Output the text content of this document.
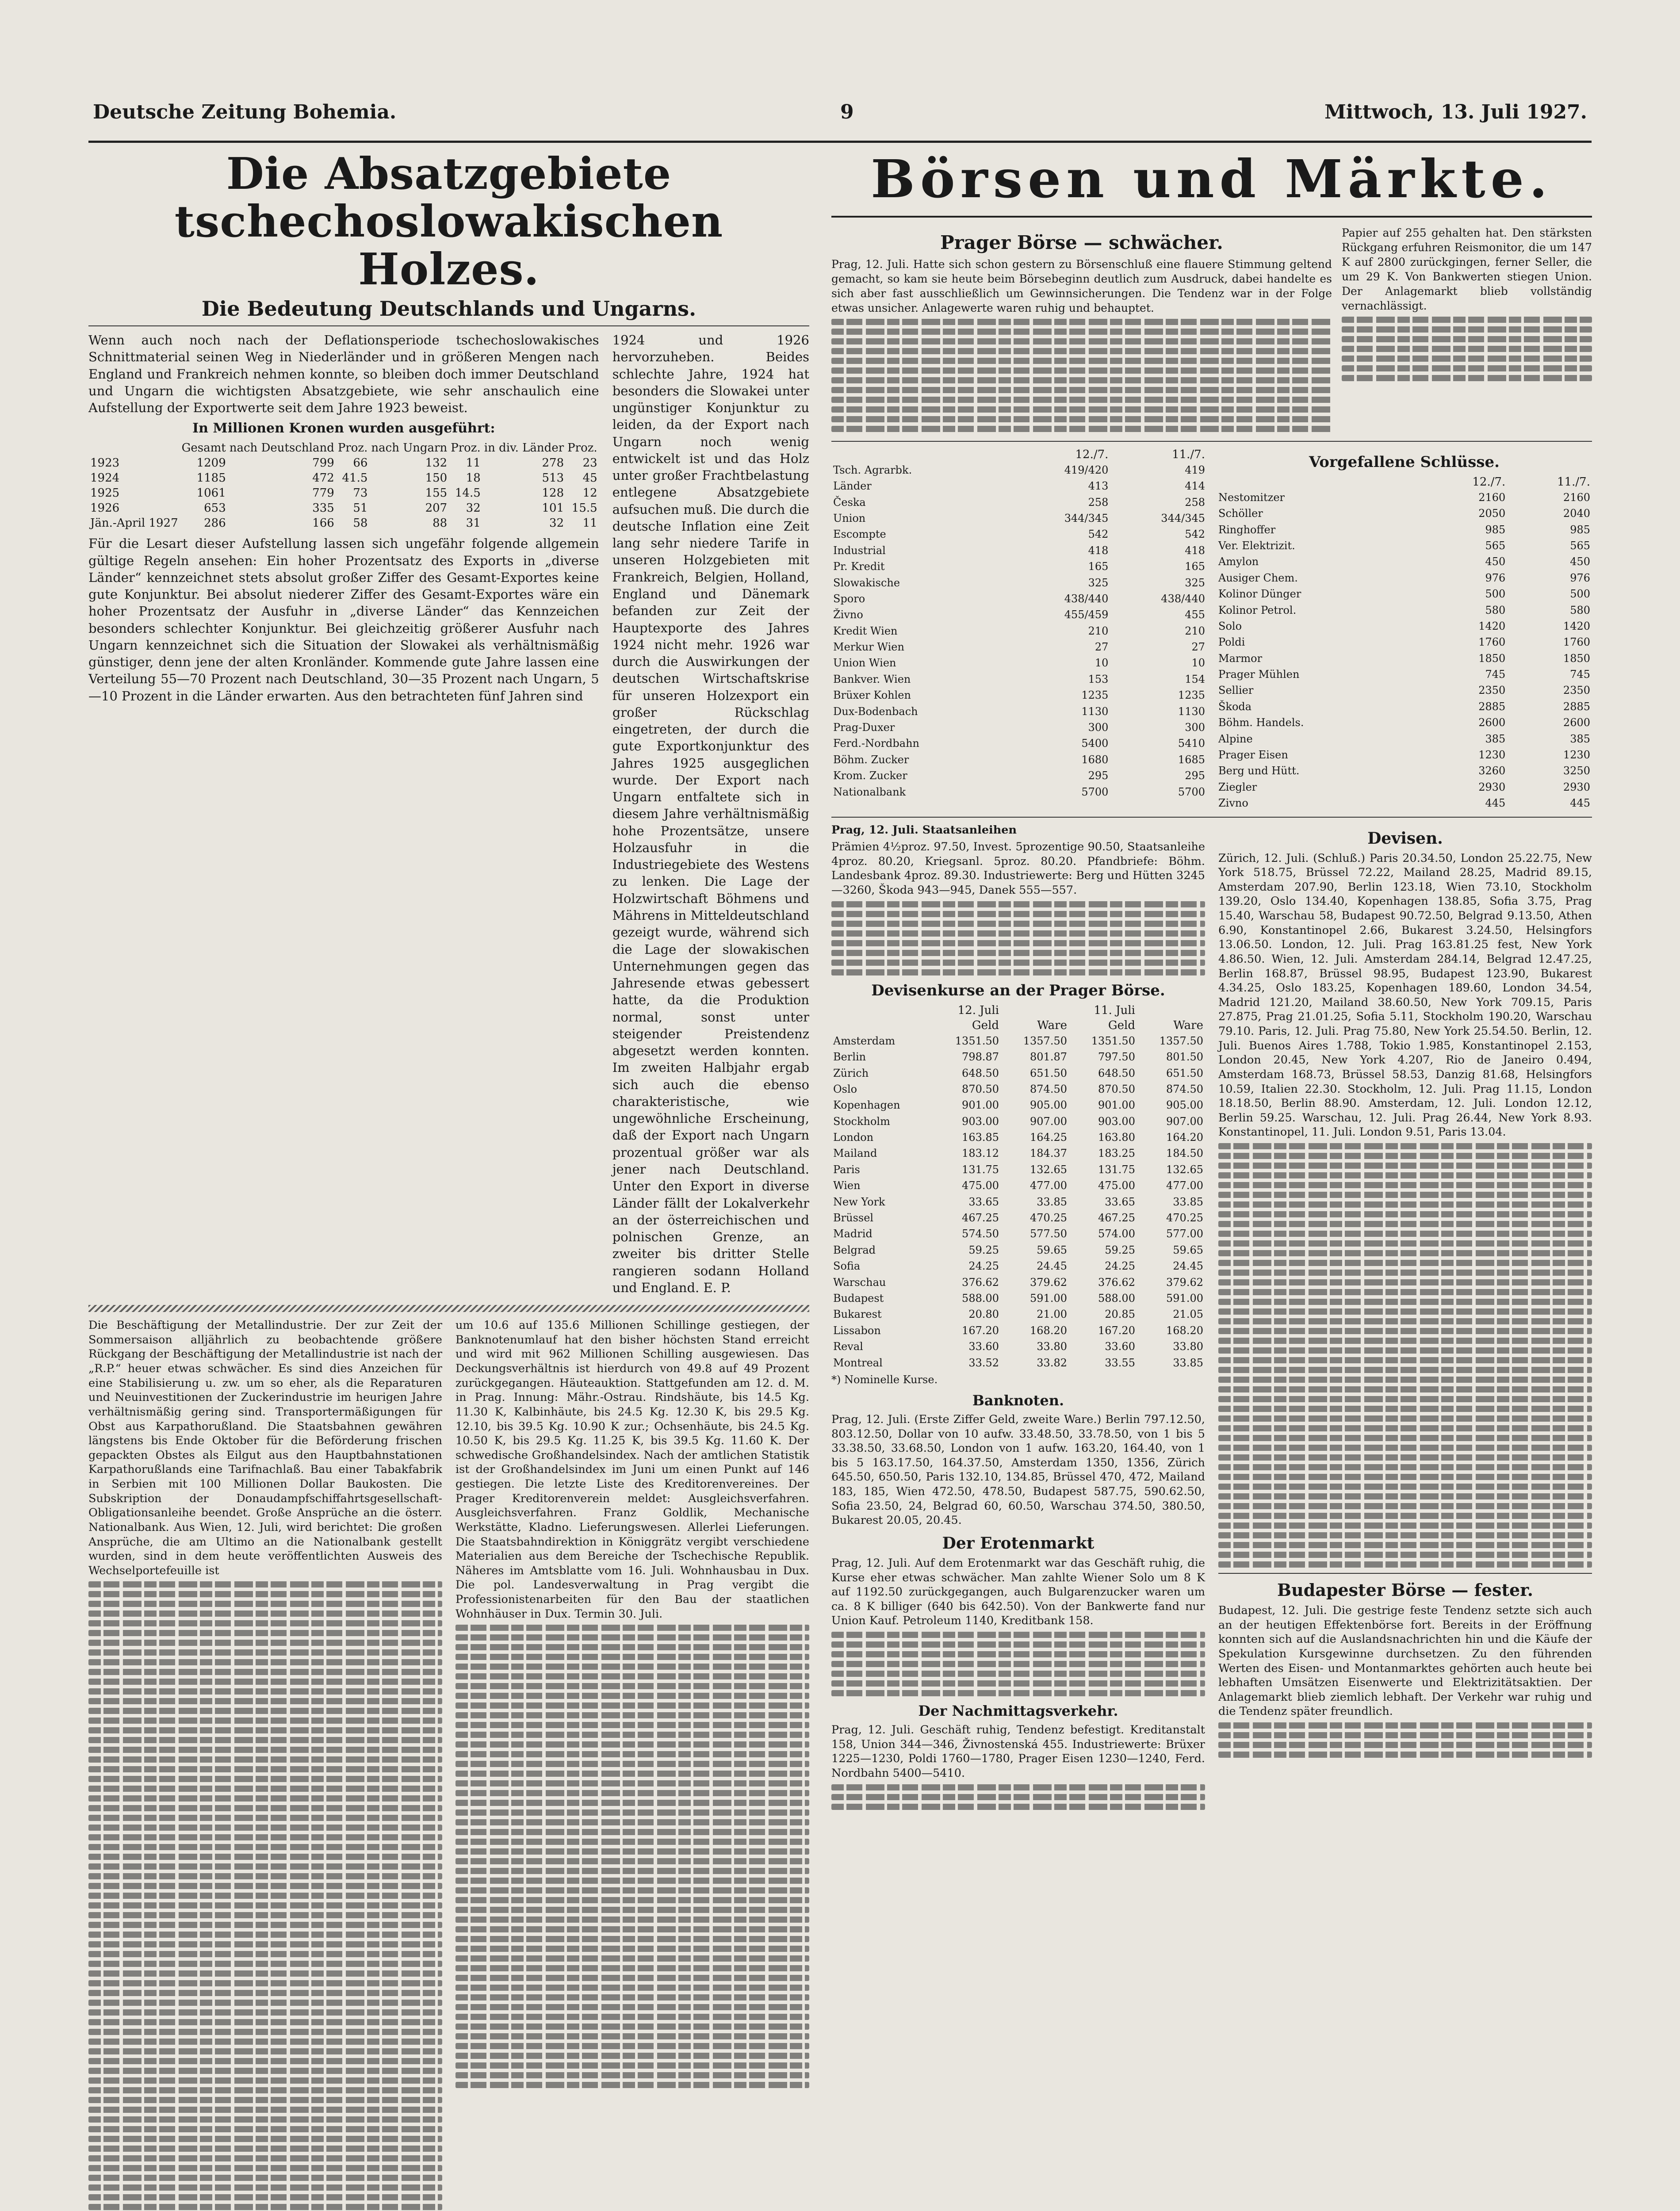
Deutsche Zeitung Bohemia.	9	Mittwoch, 13. Juli 1927.
Die Absatzgebiete tschechoslowakischen Holzes.
Die Bedeutung Deutschlands und Ungarns.

Wenn auch noch nach der Deflationsperiode tschechoslowakisches Schnittmaterial seinen Weg in Niederländer und in größeren Mengen nach England und Frankreich nehmen konnte, so bleiben doch immer Deutschland und Ungarn die wichtigsten Absatzgebiete, wie sehr anschaulich eine Aufstellung der Exportwerte seit dem Jahre 1923 beweist.

In Millionen Kronen wurden ausgeführt:
	Gesamt	nach Deutschland	Proz.	nach Ungarn	Proz.	in div. Länder	Proz.
1923	1209	799	66	132	11	278	23
1924	1185	472	41.5	150	18	513	45
1925	1061	779	73	155	14.5	128	12
1926	653	335	51	207	32	101	15.5
Jän.-April 1927	286	166	58	88	31	32	11

Für die Lesart dieser Aufstellung lassen sich ungefähr folgende allgemein gültige Regeln ansehen: Ein hoher Prozentsatz des Exports in „diverse Länder“ kennzeichnet stets absolut großer Ziffer des Gesamt-Exportes keine gute Konjunktur. Bei absolut niederer Ziffer des Gesamt-Exportes wäre ein hoher Prozentsatz der Ausfuhr in „diverse Länder“ das Kennzeichen besonders schlechter Konjunktur. Bei gleichzeitig größerer Ausfuhr nach Ungarn kennzeichnet sich die Situation der Slowakei als verhältnismäßig günstiger, denn jene der alten Kronländer. Kommende gute Jahre lassen eine Verteilung 55—70 Prozent nach Deutschland, 30—35 Prozent nach Ungarn, 5—10 Prozent in die Länder erwarten. Aus den betrachteten fünf Jahren sind

1924 und 1926 hervorzuheben. Beides schlechte Jahre, 1924 hat besonders die Slowakei unter ungünstiger Konjunktur zu leiden, da der Export nach Ungarn noch wenig entwickelt ist und das Holz unter großer Frachtbelastung entlegene Absatzgebiete aufsuchen muß. Die durch die deutsche Inflation eine Zeit lang sehr niedere Tarife in unseren Holzgebieten mit Frankreich, Belgien, Holland, England und Dänemark befanden zur Zeit der Hauptexporte des Jahres 1924 nicht mehr. 1926 war durch die Auswirkungen der deutschen Wirtschaftskrise für unseren Holzexport ein großer Rückschlag eingetreten, der durch die gute Exportkonjunktur des Jahres 1925 ausgeglichen wurde. Der Export nach Ungarn entfaltete sich in diesem Jahre verhältnismäßig hohe Prozentsätze, unsere Holzausfuhr in die Industriegebiete des Westens zu lenken. Die Lage der Holzwirtschaft Böhmens und Mährens in Mitteldeutschland gezeigt wurde, während sich die Lage der slowakischen Unternehmungen gegen das Jahresende etwas gebessert hatte, da die Produktion normal, sonst unter steigender Preistendenz abgesetzt werden konnten. Im zweiten Halbjahr ergab sich auch die ebenso charakteristische, wie ungewöhnliche Erscheinung, daß der Export nach Ungarn prozentual größer war als jener nach Deutschland. Unter den Export in diverse Länder fällt der Lokalverkehr an der österreichischen und polnischen Grenze, an zweiter bis dritter Stelle rangieren sodann Holland und England. E. P.

Die Beschäftigung der Metallindustrie. Der zur Zeit der Sommersaison alljährlich zu beobachtende größere Rückgang der Beschäftigung der Metallindustrie ist nach der „R.P.“ heuer etwas schwächer. Es sind dies Anzeichen für eine Stabilisierung u. zw. um so eher, als die Reparaturen und Neuinvestitionen der Zuckerindustrie im heurigen Jahre verhältnismäßig gering sind. Transportermäßigungen für Obst aus Karpathorußland. Die Staatsbahnen gewähren längstens bis Ende Oktober für die Beförderung frischen gepackten Obstes als Eilgut aus den Hauptbahnstationen Karpathorußlands eine Tarifnachlaß. Bau einer Tabakfabrik in Serbien mit 100 Millionen Dollar Baukosten. Die Subskription der Donaudampfschiffahrtsgesellschaft-Obligationsanleihe beendet. Große Ansprüche an die österr. Nationalbank. Aus Wien, 12. Juli, wird berichtet: Die großen Ansprüche, die am Ultimo an die Nationalbank gestellt wurden, sind in dem heute veröffentlichten Ausweis des Wechselportefeuille ist

um 10.6 auf 135.6 Millionen Schillinge gestiegen, der Banknotenumlauf hat den bisher höchsten Stand erreicht und wird mit 962 Millionen Schilling ausgewiesen. Das Deckungsverhältnis ist hierdurch von 49.8 auf 49 Prozent zurückgegangen. Häuteauktion. Stattgefunden am 12. d. M. in Prag. Innung: Mähr.-Ostrau. Rindshäute, bis 14.5 Kg. 11.30 K, Kalbinhäute, bis 24.5 Kg. 12.30 K, bis 29.5 Kg. 12.10, bis 39.5 Kg. 10.90 K zur.; Ochsenhäute, bis 24.5 Kg. 10.50 K, bis 29.5 Kg. 11.25 K, bis 39.5 Kg. 11.60 K. Der schwedische Großhandelsindex. Nach der amtlichen Statistik ist der Großhandelsindex im Juni um einen Punkt auf 146 gestiegen. Die letzte Liste des Kreditorenvereines. Der Prager Kreditorenverein meldet: Ausgleichsverfahren. Ausgleichsverfahren. Franz Goldlik, Mechanische Werkstätte, Kladno. Lieferungswesen. Allerlei Lieferungen. Die Staatsbahndirektion in Königgrätz vergibt verschiedene Materialien aus dem Bereiche der Tschechische Republik. Näheres im Amtsblatte vom 16. Juli. Wohnhausbau in Dux. Die pol. Landesverwaltung in Prag vergibt die Professionistenarbeiten für den Bau der staatlichen Wohnhäuser in Dux. Termin 30. Juli.

Börsen und Märkte.
Prager Börse — schwächer.

Prag, 12. Juli. Hatte sich schon gestern zu Börsenschluß eine flauere Stimmung geltend gemacht, so kam sie heute beim Börsebeginn deutlich zum Ausdruck, dabei handelte es sich aber fast ausschließlich um Gewinnsicherungen. Die Tendenz war in der Folge etwas unsicher. Anlagewerte waren ruhig und behauptet.

Papier auf 255 gehalten hat. Den stärksten Rückgang erfuhren Reismonitor, die um 147 K auf 2800 zurückgingen, ferner Seller, die um 29 K. Von Bankwerten stiegen Union. Der Anlagemarkt blieb vollständig vernachlässigt.

	12./7.	11./7.
Tsch. Agrarbk.	419/420	419
Länder	413	414
Česka	258	258
Union	344/345	344/345
Escompte	542	542
Industrial	418	418
Pr. Kredit	165	165
Slowakische	325	325
Sporo	438/440	438/440
Živno	455/459	455
Kredit Wien	210	210
Merkur Wien	27	27
Union Wien	10	10
Bankver. Wien	153	154
Brüxer Kohlen	1235	1235
Dux-Bodenbach	1130	1130
Prag-Duxer	300	300
Ferd.-Nordbahn	5400	5410
Böhm. Zucker	1680	1685
Krom. Zucker	295	295
Nationalbank	5700	5700
Vorgefallene Schlüsse.
	12./7.	11./7.
Nestomitzer	2160	2160
Schöller	2050	2040
Ringhoffer	985	985
Ver. Elektrizit.	565	565
Amylon	450	450
Ausiger Chem.	976	976
Kolinor Dünger	500	500
Kolinor Petrol.	580	580
Solo	1420	1420
Poldi	1760	1760
Marmor	1850	1850
Prager Mühlen	745	745
Sellier	2350	2350
Škoda	2885	2885
Böhm. Handels.	2600	2600
Alpine	385	385
Prager Eisen	1230	1230
Berg und Hütt.	3260	3250
Ziegler	2930	2930
Zivno	445	445

Prag, 12. Juli. Staatsanleihen

Prämien 4½proz. 97.50, Invest. 5prozentige 90.50, Staatsanleihe 4proz. 80.20, Kriegsanl. 5proz. 80.20. Pfandbriefe: Böhm. Landesbank 4proz. 89.30. Industriewerte: Berg und Hütten 3245—3260, Škoda 943—945, Danek 555—557.

Devisenkurse an der Prager Börse.
	12. Juli		11. Juli	
	Geld	Ware	Geld	Ware
Amsterdam	1351.50	1357.50	1351.50	1357.50
Berlin	798.87	801.87	797.50	801.50
Zürich	648.50	651.50	648.50	651.50
Oslo	870.50	874.50	870.50	874.50
Kopenhagen	901.00	905.00	901.00	905.00
Stockholm	903.00	907.00	903.00	907.00
London	163.85	164.25	163.80	164.20
Mailand	183.12	184.37	183.25	184.50
Paris	131.75	132.65	131.75	132.65
Wien	475.00	477.00	475.00	477.00
New York	33.65	33.85	33.65	33.85
Brüssel	467.25	470.25	467.25	470.25
Madrid	574.50	577.50	574.00	577.00
Belgrad	59.25	59.65	59.25	59.65
Sofia	24.25	24.45	24.25	24.45
Warschau	376.62	379.62	376.62	379.62
Budapest	588.00	591.00	588.00	591.00
Bukarest	20.80	21.00	20.85	21.05
Lissabon	167.20	168.20	167.20	168.20
Reval	33.60	33.80	33.60	33.80
Montreal	33.52	33.82	33.55	33.85
*) Nominelle Kurse.
Banknoten.

Prag, 12. Juli. (Erste Ziffer Geld, zweite Ware.) Berlin 797.12.50, 803.12.50, Dollar von 10 aufw. 33.48.50, 33.78.50, von 1 bis 5 33.38.50, 33.68.50, London von 1 aufw. 163.20, 164.40, von 1 bis 5 163.17.50, 164.37.50, Amsterdam 1350, 1356, Zürich 645.50, 650.50, Paris 132.10, 134.85, Brüssel 470, 472, Mailand 183, 185, Wien 472.50, 478.50, Budapest 587.75, 590.62.50, Sofia 23.50, 24, Belgrad 60, 60.50, Warschau 374.50, 380.50, Bukarest 20.05, 20.45.

Der Erotenmarkt

Prag, 12. Juli. Auf dem Erotenmarkt war das Geschäft ruhig, die Kurse eher etwas schwächer. Man zahlte Wiener Solo um 8 K auf 1192.50 zurückgegangen, auch Bulgarenzucker waren um ca. 8 K billiger (640 bis 642.50). Von der Bankwerte fand nur Union Kauf. Petroleum 1140, Kreditbank 158.

Der Nachmittagsverkehr.

Prag, 12. Juli. Geschäft ruhig, Tendenz befestigt. Kreditanstalt 158, Union 344—346, Živnostenská 455. Industriewerte: Brüxer 1225—1230, Poldi 1760—1780, Prager Eisen 1230—1240, Ferd. Nordbahn 5400—5410.

Devisen.

Zürich, 12. Juli. (Schluß.) Paris 20.34.50, London 25.22.75, New York 518.75, Brüssel 72.22, Mailand 28.25, Madrid 89.15, Amsterdam 207.90, Berlin 123.18, Wien 73.10, Stockholm 139.20, Oslo 134.40, Kopenhagen 138.85, Sofia 3.75, Prag 15.40, Warschau 58, Budapest 90.72.50, Belgrad 9.13.50, Athen 6.90, Konstantinopel 2.66, Bukarest 3.24.50, Helsingfors 13.06.50. London, 12. Juli. Prag 163.81.25 fest, New York 4.86.50. Wien, 12. Juli. Amsterdam 284.14, Belgrad 12.47.25, Berlin 168.87, Brüssel 98.95, Budapest 123.90, Bukarest 4.34.25, Oslo 183.25, Kopenhagen 189.60, London 34.54, Madrid 121.20, Mailand 38.60.50, New York 709.15, Paris 27.875, Prag 21.01.25, Sofia 5.11, Stockholm 190.20, Warschau 79.10. Paris, 12. Juli. Prag 75.80, New York 25.54.50. Berlin, 12. Juli. Buenos Aires 1.788, Tokio 1.985, Konstantinopel 2.153, London 20.45, New York 4.207, Rio de Janeiro 0.494, Amsterdam 168.73, Brüssel 58.53, Danzig 81.68, Helsingfors 10.59, Italien 22.30. Stockholm, 12. Juli. Prag 11.15, London 18.18.50, Berlin 88.90. Amsterdam, 12. Juli. London 12.12, Berlin 59.25. Warschau, 12. Juli. Prag 26.44, New York 8.93. Konstantinopel, 11. Juli. London 9.51, Paris 13.04.

Budapester Börse — fester.

Budapest, 12. Juli. Die gestrige feste Tendenz setzte sich auch an der heutigen Effektenbörse fort. Bereits in der Eröffnung konnten sich auf die Auslandsnachrichten hin und die Käufe der Spekulation Kursgewinne durchsetzen. Zu den führenden Werten des Eisen- und Montanmarktes gehörten auch heute bei lebhaften Umsätzen Eisenwerte und Elektrizitätsaktien. Der Anlagemarkt blieb ziemlich lebhaft. Der Verkehr war ruhig und die Tendenz später freundlich.
